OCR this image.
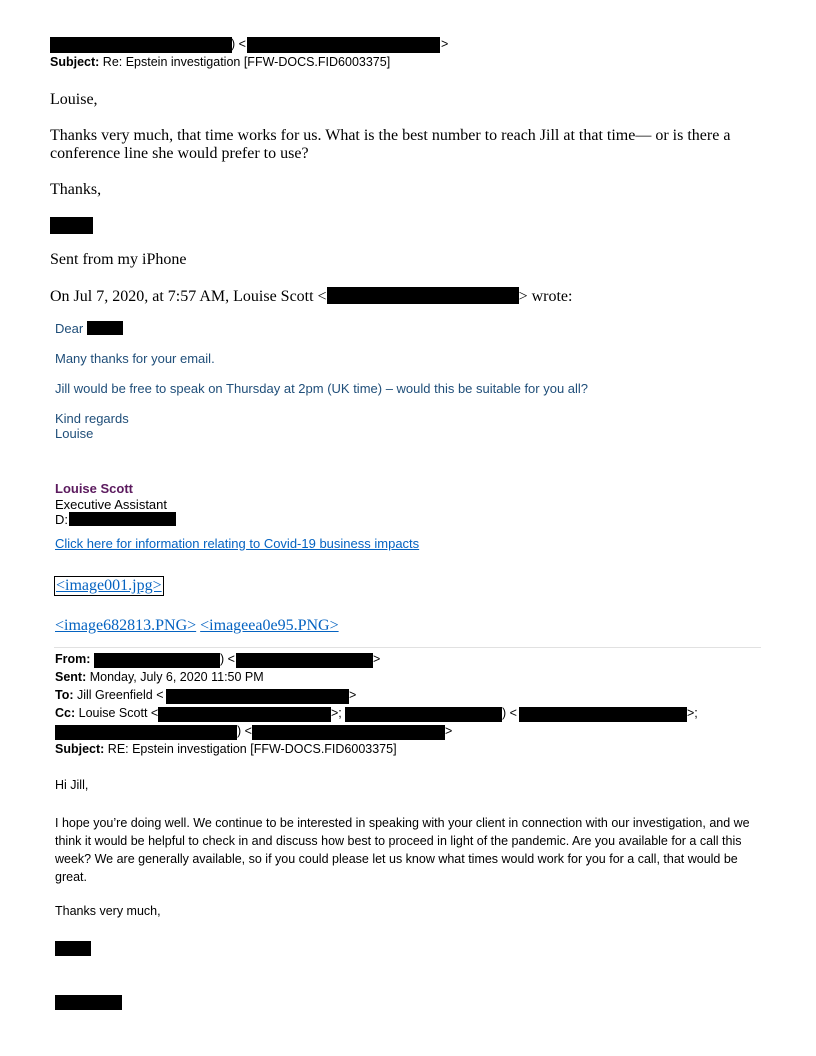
) <	>
Subject: Re: Epstein investigation [FFW-DOCS.FID6003375]
Louise,
Thanks very much, that time works for us. What is the best number to reach Jill at that time— or is there a conference line she would prefer to use?
Thanks,
Sent from my iPhone
On Jul 7, 2020, at 7:57 AM, Louise Scott <	> wrote:
Dear
Many thanks for your email.
Jill would be free to speak on Thursday at 2pm (UK time) – would this be suitable for you all?
Kind regards
Louise
Louise Scott
Executive Assistant
D:
Click here for information relating to Covid-19 business impacts
<image001.jpg>
<image682813.PNG> <imageea0e95.PNG>
From:	) <	>
Sent: Monday, July 6, 2020 11:50 PM
To: Jill Greenfield <	>
Cc: Louise Scott <	>;	) <	>;
) <	>
Subject: RE: Epstein investigation [FFW-DOCS.FID6003375]
Hi Jill,
I hope you’re doing well. We continue to be interested in speaking with your client in connection with our investigation, and we think it would be helpful to check in and discuss how best to proceed in light of the pandemic. Are you available for a call this week? We are generally available, so if you could please let us know what times would work for you for a call, that would be great.
Thanks very much,
